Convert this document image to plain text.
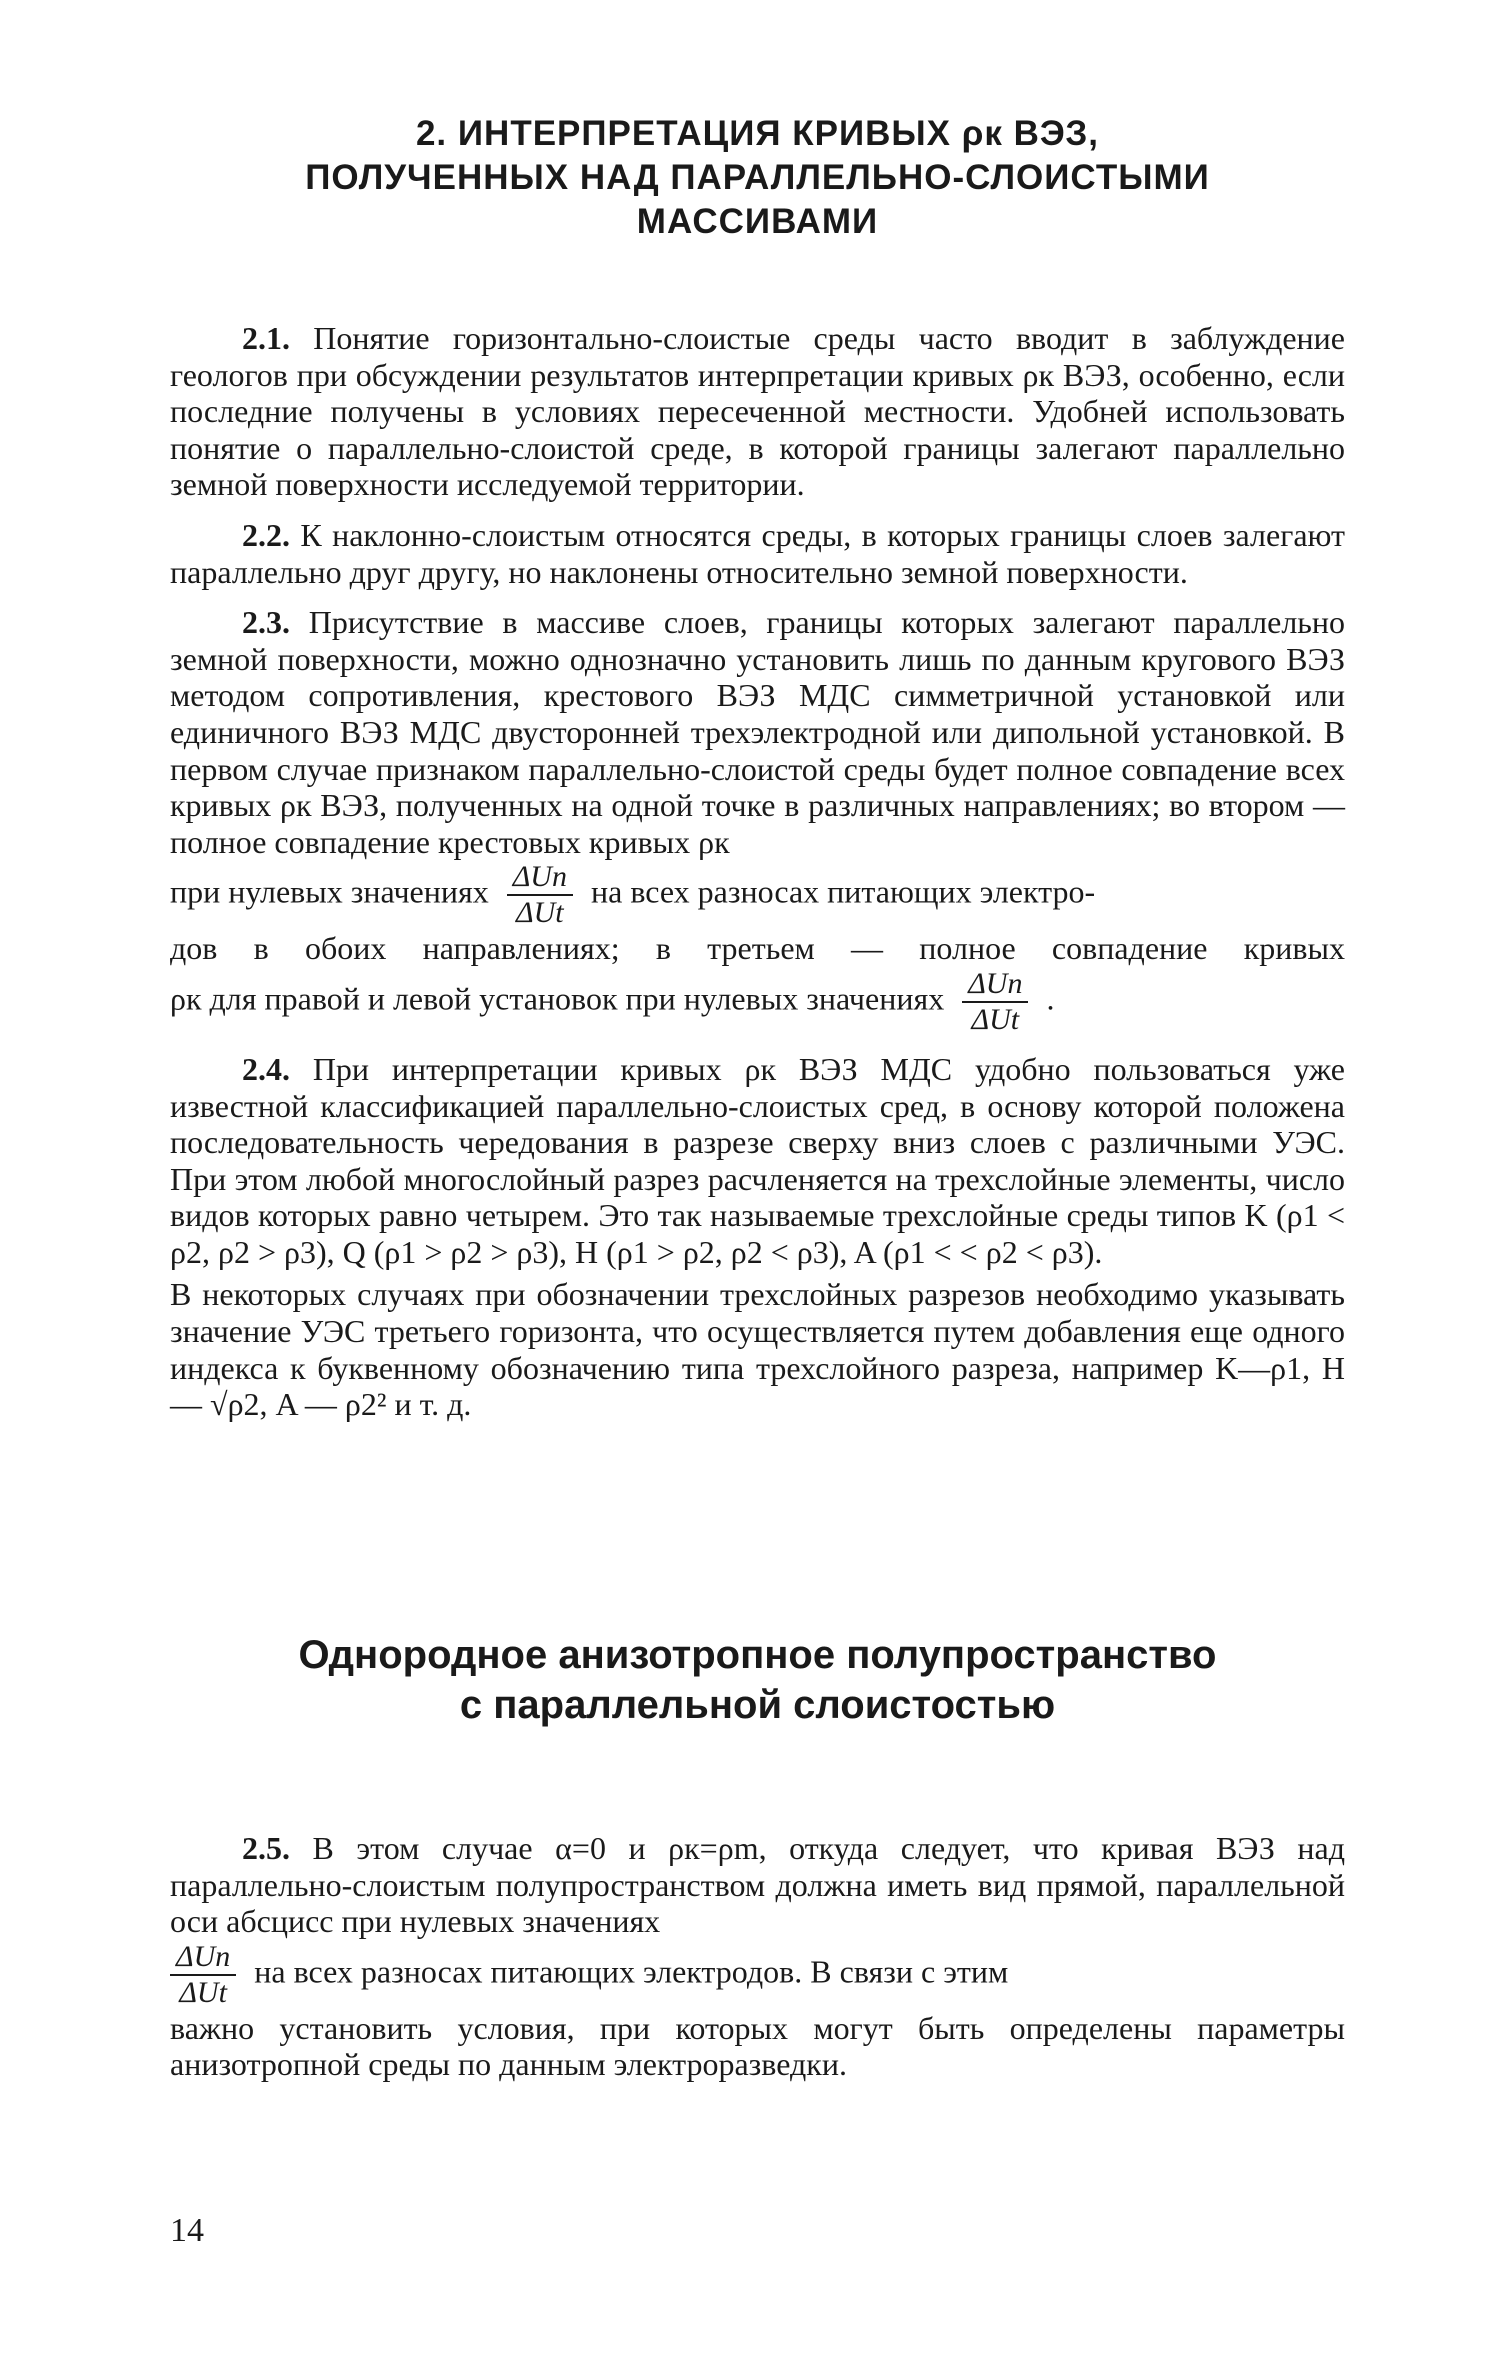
2. ИНТЕРПРЕТАЦИЯ КРИВЫХ ρк ВЭЗ,

ПОЛУЧЕННЫХ НАД ПАРАЛЛЕЛЬНО-СЛОИСТЫМИ

МАССИВАМИ

2.1. Понятие горизонтально-слоистые среды часто вводит в заблуждение геологов при обсуждении результатов интерпретации кривых ρк ВЭЗ, особенно, если последние получены в условиях пересеченной местности. Удобней использовать понятие о параллельно-слоистой среде, в которой границы залегают параллельно земной поверхности исследуемой территории.

2.2. К наклонно-слоистым относятся среды, в которых границы слоев залегают параллельно друг другу, но наклонены относительно земной поверхности.

2.3. Присутствие в массиве слоев, границы которых залегают параллельно земной поверхности, можно однозначно установить лишь по данным кругового ВЭЗ методом сопротивления, крестового ВЭЗ МДС симметричной установкой или единичного ВЭЗ МДС двусторонней трехэлектродной или дипольной установкой. В первом случае признаком параллельно-слоистой среды будет полное совпадение всех кривых ρк ВЭЗ, полученных на одной точке в различных направлениях; во втором — полное совпадение крестовых кривых ρк

при нулевых значениях $\frac{\text{ΔUn}}{\text{ΔUt}}$ на всех разносах питающих электро-

дов в обоих направлениях; в третьем — полное совпадение кривых

ρк для правой и левой установок при нулевых значениях $\frac{\text{ΔUn}}{\text{ΔUt}}$ .

2.4. При интерпретации кривых ρк ВЭЗ МДС удобно пользоваться уже известной классификацией параллельно-слоистых сред, в основу которой положена последовательность чередования в разрезе сверху вниз слоев с различными УЭС. При этом любой многослойный разрез расчленяется на трехслойные элементы, число видов которых равно четырем. Это так называемые трехслойные среды типов K (ρ1 < ρ2, ρ2 > ρ3), Q (ρ1 > ρ2 > ρ3), H (ρ1 > ρ2, ρ2 < ρ3), A (ρ1 < < ρ2 < ρ3).

В некоторых случаях при обозначении трехслойных разрезов необходимо указывать значение УЭС третьего горизонта, что осуществляется путем добавления еще одного индекса к буквенному обозначению типа трехслойного разреза, например K—ρ1, H — √ρ2, A — ρ2² и т. д.

Однородное анизотропное полупространство

с параллельной слоистостью

2.5. В этом случае α=0 и ρк=ρm, откуда следует, что кривая ВЭЗ над параллельно-слоистым полупространством должна иметь вид прямой, параллельной оси абсцисс при нулевых значениях

$\frac{\text{ΔUn}}{\text{ΔUt}}$ на всех разносах питающих электродов. В связи с этим

важно установить условия, при которых могут быть определены параметры анизотропной среды по данным электроразведки.

14
